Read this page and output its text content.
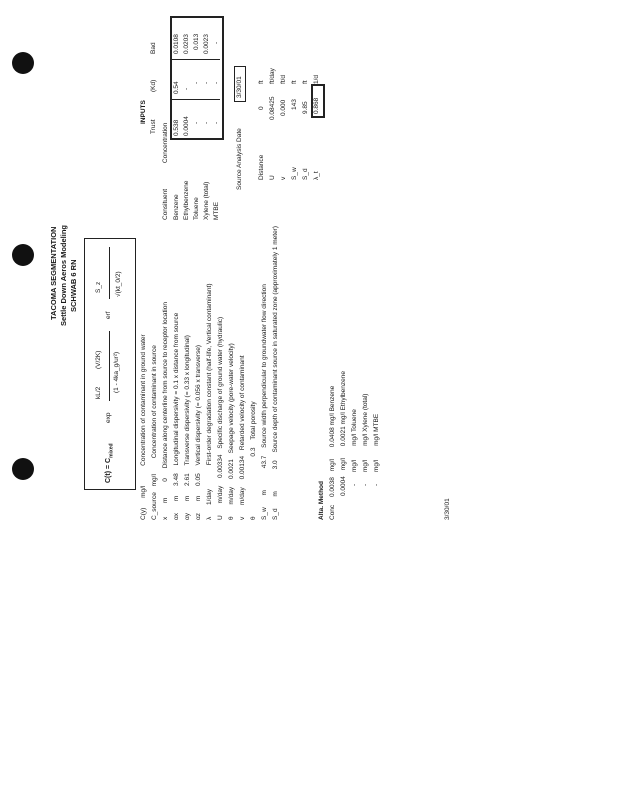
TACOMA SEGMENTATION Settle Down Aeros Modeling SCHWAB 6 RN
$C(t) = C_{mixed}$
exp
kL/2
(V/2K) (1 - 4ka_g/ur²)
erf
S_z √(kt_0/2)
C(y) mg/l Concentration of contaminant in ground water
C_source mg/l Concentration of contaminant in source
x m 0 Distance along centerline from source to receptor location
αx m 3.48 Longitudinal dispersivity = 0.1 x distance from source
αy m 2.61 Transverse dispersivity (= 0.33 x longitudinal)
αz m 0.05 Vertical dispersivity (= 0.056 x transverse)
λ 1/day First-order degradation constant (half-life, Vertical contaminant)
U m/day 0.00334 Specific discharge of ground water (hydraulic)
θ m/day 0.0021 Seepage velocity (pore-water velocity)
v m/day 0.00134 Retarded velocity of contaminant
θ 0.3 Total porosity
S_w m 43.7 Source width perpendicular to groundwater flow direction
S_d m 3.0 Source depth of contaminant source in saturated zone (approximately 1 meter)
Alta. Method Conc 0.0038 mg/l 0.0408 mg/l Benzene
0.0004 mg/l 0.0021 mg/l Ethylbenzene
- mg/l mg/l Toluene
- mg/l mg/l Xylene (total)
- mg/l mg/l MTBE
INPUTS
Trust
(Kd)
Bad
Consituent Concentration
Benzene
0.538
0.54
0.0108
Ethylbenzene
0.0004
-
0.0203
Toluene
-
-
0.013
Xylene (total)
-
-
0.0023
MTBE
-
-
-
Source Analysis Date
3/30/01
Distance
0
ft
U
0.08425
ft/day
v
0.000
ft/d
S_w
143
ft
S_d
9.85
ft
λ_t
0.868
1/d
3/30/01
